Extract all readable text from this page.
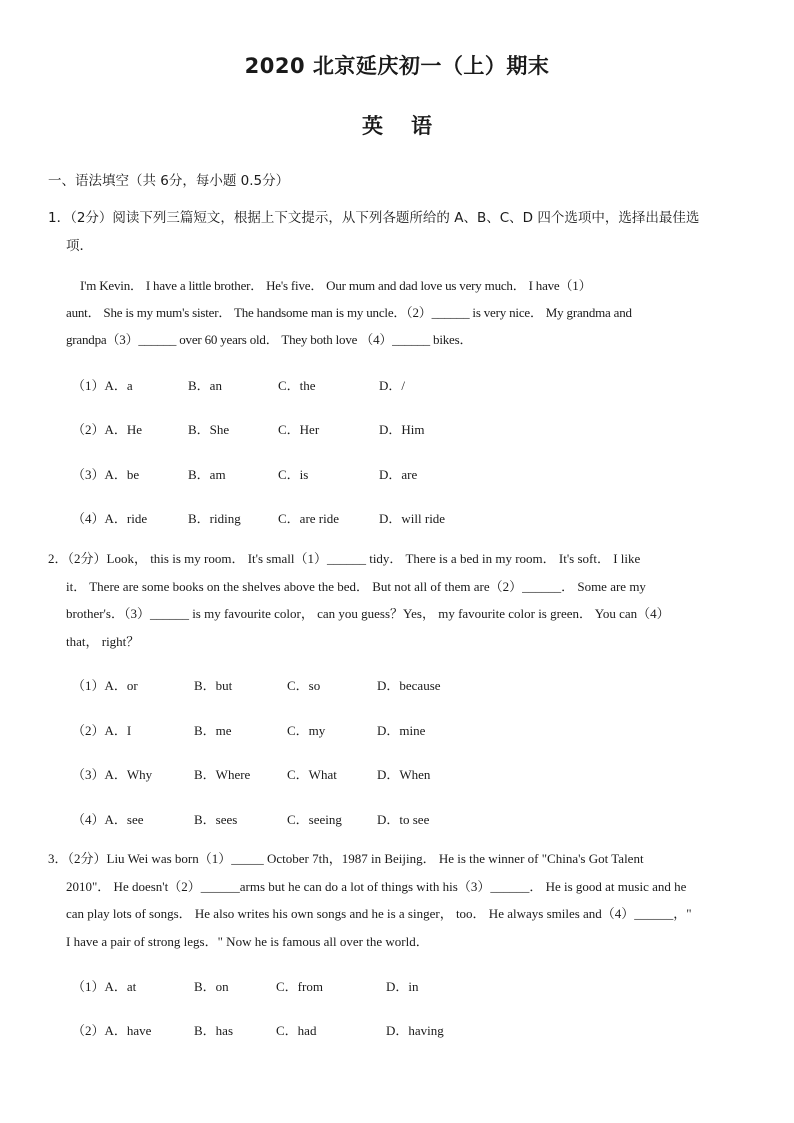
2020 北京延庆初一（上）期末
英语
一、语法填空（共 6分，每小题 0.5分）
1．（2分）阅读下列三篇短文，根据上下文提示，从下列各题所给的 A、B、C、D 四个选项中，选择出最佳选
项．
I'm Kevin． I have a little brother． He's five． Our mum and dad love us very much． I have（1）
aunt． She is my mum's sister． The handsome man is my uncle．（2）______ is very nice． My grandma and
grandpa（3）______ over 60 years old． They both love （4）______ bikes．
（1）A．a	B．an	C．the	D．/
（2）A．He	B．She	C．Her	D．Him
（3）A．be	B．am	C．is	D．are
（4）A．ride	B．riding	C．are ride	D．will ride
2．（2分）Look， this is my room． It's small（1）______ tidy． There is a bed in my room． It's soft． I like
it． There are some books on the shelves above the bed． But not all of them are（2）______． Some are my
brother's．（3）______ is my favourite color， can you guess？Yes， my favourite color is green． You can（4）
that， right？
（1）A．or	B．but	C．so	D．because
（2）A．I	B．me	C．my	D．mine
（3）A．Why	B．Where	C．What	D．When
（4）A．see	B．sees	C．seeing	D．to see
3．（2分）Liu Wei was born（1）_____ October 7th，1987 in Beijing． He is the winner of "China's Got Talent
2010"． He doesn't（2）______arms but he can do a lot of things with his（3）______． He is good at music and he
can play lots of songs． He also writes his own songs and he is a singer， too． He always smiles and（4）______，"
I have a pair of strong legs．" Now he is famous all over the world．
（1）A．at	B．on	C．from	D．in
（2）A．have	B．has	C．had	D．having
